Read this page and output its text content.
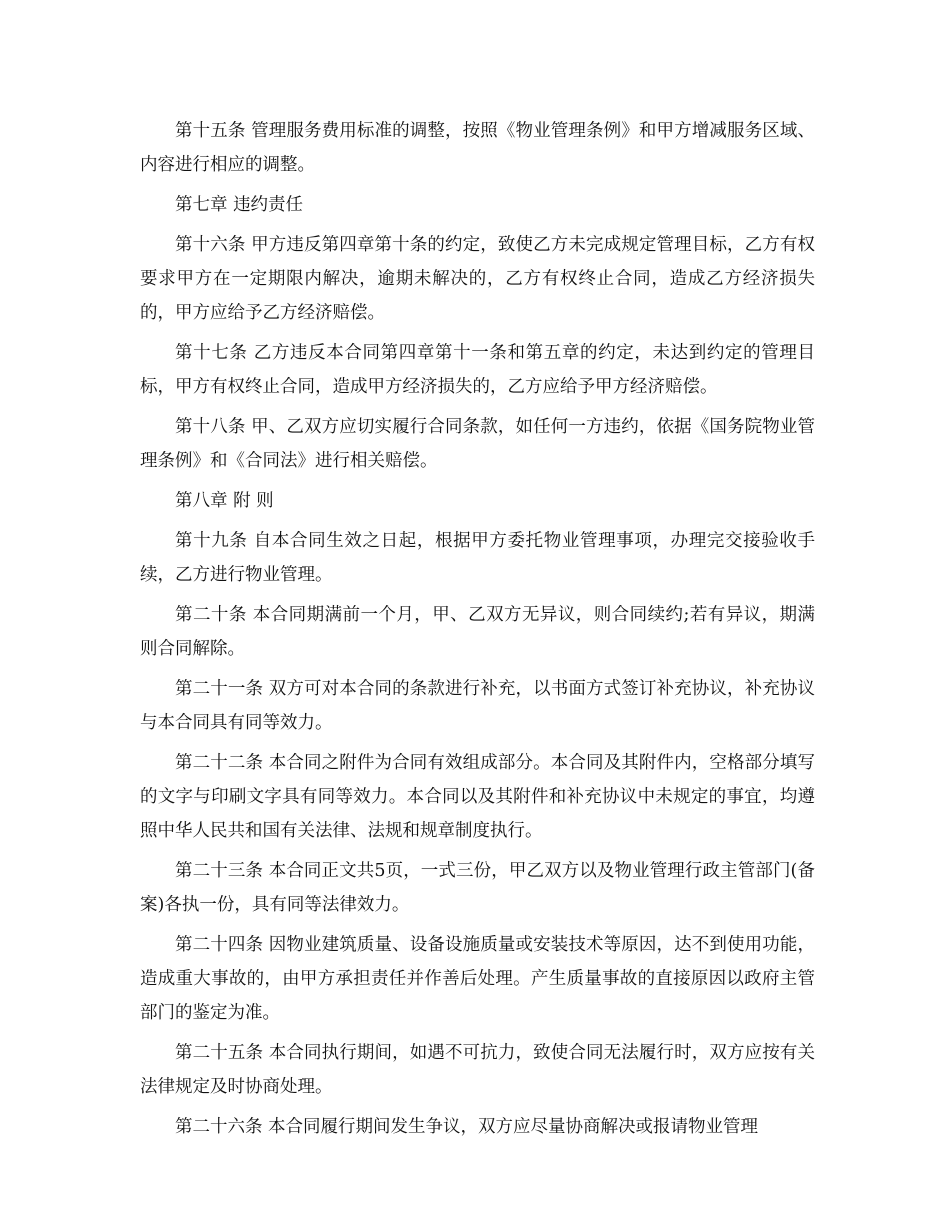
第十五条 管理服务费用标准的调整，按照《物业管理条例》和甲方增减服务区域、内容进行相应的调整。

第七章 违约责任

第十六条 甲方违反第四章第十条的约定，致使乙方未完成规定管理目标，乙方有权要求甲方在一定期限内解决，逾期未解决的，乙方有权终止合同，造成乙方经济损失的，甲方应给予乙方经济赔偿。

第十七条 乙方违反本合同第四章第十一条和第五章的约定，未达到约定的管理目标，甲方有权终止合同，造成甲方经济损失的，乙方应给予甲方经济赔偿。

第十八条 甲、乙双方应切实履行合同条款，如任何一方违约，依据《国务院物业管理条例》和《合同法》进行相关赔偿。

第八章 附 则

第十九条 自本合同生效之日起，根据甲方委托物业管理事项，办理完交接验收手续，乙方进行物业管理。

第二十条 本合同期满前一个月，甲、乙双方无异议，则合同续约;若有异议，期满则合同解除。

第二十一条 双方可对本合同的条款进行补充，以书面方式签订补充协议，补充协议与本合同具有同等效力。

第二十二条 本合同之附件为合同有效组成部分。本合同及其附件内，空格部分填写的文字与印刷文字具有同等效力。本合同以及其附件和补充协议中未规定的事宜，均遵照中华人民共和国有关法律、法规和规章制度执行。

第二十三条 本合同正文共5页，一式三份，甲乙双方以及物业管理行政主管部门(备案)各执一份，具有同等法律效力。

第二十四条 因物业建筑质量、设备设施质量或安装技术等原因，达不到使用功能，造成重大事故的，由甲方承担责任并作善后处理。产生质量事故的直接原因以政府主管部门的鉴定为准。

第二十五条 本合同执行期间，如遇不可抗力，致使合同无法履行时，双方应按有关法律规定及时协商处理。

第二十六条 本合同履行期间发生争议，双方应尽量协商解决或报请物业管理
